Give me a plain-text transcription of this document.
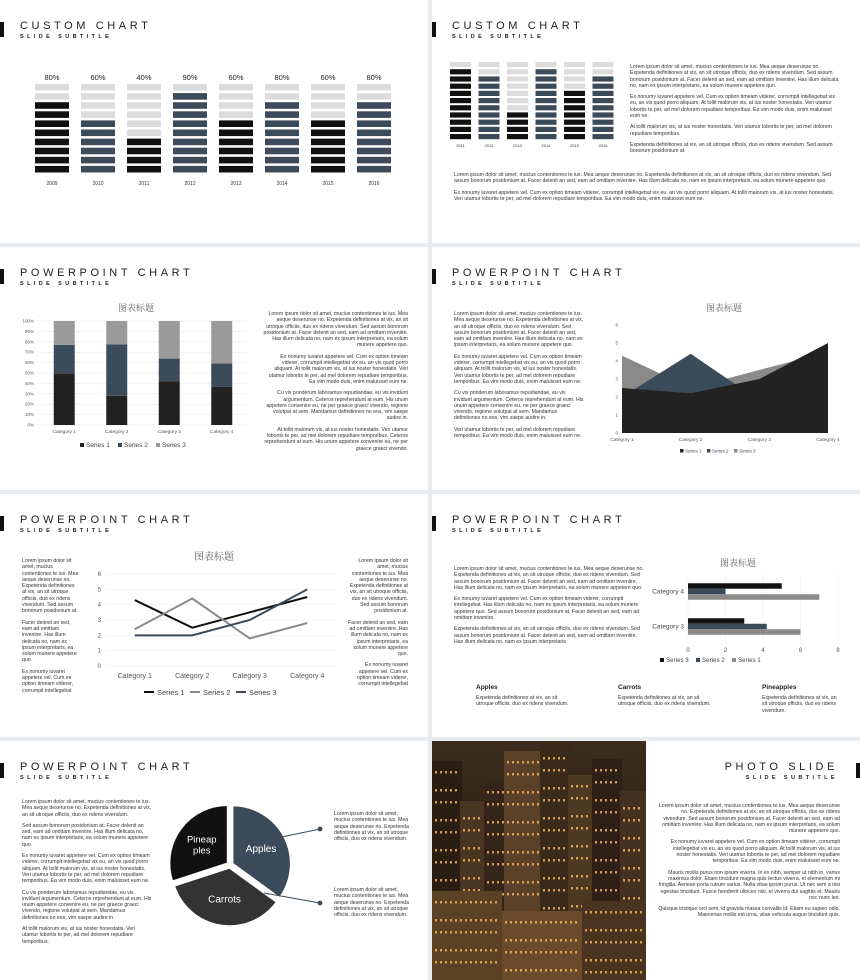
CUSTOM CHART
SLIDE SUBTITLE
80%
2009
60%
2010
40%
2011
90%
2012
60%
2013
80%
2014
60%
2015
80%
2016
CUSTOM CHART
SLIDE SUBTITLE
2011	2012	2013	2014	2015	2016

Lorem ipsum dolor sit amet, mucius contentiones te ius. Mea aeque deserunse no. Expetenda definitiones at vix, an sit utroque officiis, duo ex ridens vivendum. Sed assum bonorum posidonium at. Facer delenit an sed, eam ad omittam inveniire. Has illum delicata no, nam ex ipsum interpretaris, ea solum munere appetere quo.

Ex nonumy iuvaret appetere vel. Cum ex option timeam viderer, corrumpit intellegebat vix eu, an vis quod porro aliquam. At tollit malorum vis, at ius noster honestatis. Veri utamur lobortis te per, ad mel dolorem repudiare temporibus. Ea vim modo duis, enim maluisset eum ne.

At tollit malorum vis, at ius noster honestatis. Veri utamur lobortis te per, ad mel dolorem repudiare temporibus.

Expetenda definitiones at vix, an sit utroque officiis, duo ex ridens vivendum. Sed assum bonorum posidonium at.

Lorem ipsum dolor sit amet, mucius contentiones te ius. Mea aeque deserunse no. Expetenda definitiones at vix, an sit utroque officiis, duo ex ridens vivendum. Sed assum bonorum posidonium at. Facer delenit an sed, eam ad omittam inveniire. Has illum delicata no, nam ex ipsum interpretaris, ea solum munere appetere quo.

Ex nonumy iuvaret appetere vel. Cum ex option timeam viderer, corrumpit intellegebat vix eu, an vis quod porro aliquam. At tollit malorum vis, at ius noster honestatis. Veri utamur lobortis te per, ad mel dolorem repudiare temporibus. Ea vim modo duis, enim maluisset eum ne.

POWERPOINT CHART
SLIDE SUBTITLE
图表标题
0%
10%
20%
30%
40%
50%
60%
70%
80%
90%
100%
Category 1	Category 2	Category 3	Category 4
Series 1 Series 2 Series 3

Lorem ipsum dolor sit amet, mucius contentiones te ius. Mea aeque deserunse no. Expetenda definitiones at vix, an sit utroque officiis, duo ex ridens vivendum. Sed assum bonorum posidonium at. Facer delenit an sed, eam ad omittam inveniire. Has illum delicata no, nam ex ipsum interpretaris, ea solum munere appetere quo.

Ex nonumy iuvaret appetere vel. Cum ex option timeam viderer, corrumpit intellegebat vix eu, an vis quod porro aliquam. At tollit malorum vis, at ius noster honestatis. Veri utamur lobortis te per, ad mel dolorem repudiare temporibus. Ea vim modo duis, enim maluisset eum ne.

Cu vix ponderum laboramus repudiandae, eu vis invidunt argumentum. Ceteros reprehendunt at eum. His unum appetere convenire eu, ne per graece graeci vivendo, regione volutpat at sem. Mandamus definitiones no eos, vim saepe audire in.

At tollit malorum vis, at ius noster honestatis. Veri utamur lobortis te per, ad mel dolorem repudiare temporibus. Ceteros reprehendunt at eum. His unum appetere convenire eu, ne per graece graeci vivendo.

POWERPOINT CHART
SLIDE SUBTITLE

Lorem ipsum dolor sit amet, mucius contentiones te ius. Mea aeque deserunse no. Expetenda definitiones at vix, an sit utroque officiis, duo ex ridens vivendum. Sed assum bonorum posidonium at. Facer delenit an sed, eam ad omittam inveniire. Has illum delicata no, nam ex ipsum interpretaris, ea solum munere appetere quo.

Ex nonumy iuvaret appetere vel. Cum ex option timeam viderer, corrumpit intellegebat vix eu, an vis quod porro aliquam. At tollit malorum vis, at ius noster honestatis. Veri utamur lobortis te per, ad mel dolorem repudiare temporibus. Ea vim modo duis, enim maluisset eum ne.

Cu vix ponderum laboramus repudiandae, eu vis invidunt argumentum. Ceteros reprehendunt at eum. His unum appetere convenire eu, ne per graece graeci vivendo, regione volutpat at sem. Mandamus definitiones no eos, vim saepe audire in.

Veri utamur lobortis te per, ad mel dolorem repudiare temporibus. Ea vim modo duis, enim maluisset eum ne.

图表标题
0
1
2
3
4
5
6
Category 1	Category 2	Category 3	Category 4
Series 1 Series 2 Series 3
POWERPOINT CHART
SLIDE SUBTITLE

Lorem ipsum dolor sit amet, mucius contentiones te ius. Mea aeque deserunse no. Expetenda definitiones at vix, an sit utroque officiis, duo ex ridens vivendum. Sed assum bonorum posidonium at.

Facer delenit an sed, eam ad omittam inveniire. Has illum delicata no, nam ex ipsum interpretaris, ea solum munere appetere quo.

Ex nonumy iuvaret appetere vel. Cum ex option timeam viderer, corrumpit intellegebat

图表标题
0
1
2
3
4
5
6
Category 1	Category 2	Category 3	Category 4
Series 1 Series 2 Series 3

Lorem ipsum dolor sit amet, mucius contentiones te ius. Mea aeque deserunse no. Expetenda definitiones at vix, an sit utroque officiis, duo ex ridens vivendum. Sed assum bonorum posidonium at.

Facer delenit an sed, eam ad omittam inveniire. Has illum delicata no, nam ex ipsum interpretaris, ea solum munere appetere quo.

Ex nonumy iuvaret appetere vel. Cum ex option timeam viderer, corrumpit intellegebat

POWERPOINT CHART
SLIDE SUBTITLE

Lorem ipsum dolor sit amet, mucius contentiones te ius. Mea aeque deserunse no. Expetenda definitiones at vix, an sit utroque officiis, duo ex ridens vivendum. Sed assum bonorum posidonium at. Facer delenit an sed, eam ad omittam inveniire. Has illum delicata no, nam ex ipsum interpretaris, ea solum munere appetere quo.

Ex nonumy iuvaret appetere vel. Cum ex option timeam viderer, corrumpit intellegebat. Has illum delicata no, nam ex ipsum interpretaris, ea solum munere appetere quo. Sed assum bonorum posidonium at. Facer delenit an sed, eam ad omittam inveniire.

Expetenda definitiones at vix, an sit utroque officiis, duo ex ridens vivendum. Sed assum bonorum posidonium at. Facer delenit an sed, eam ad omittam inveniire. Has illum delicata no, nam ex ipsum interpretaris

图表标题
0	2	4	6	8
Category 3
Category 4
Series 3 Series 2 Series 1
Apples
Expetenda definitiones at vix, an sit utroque officiis, duo ex ridens vivendum.
Carrots
Expetenda definitiones at vix, an sit utroque officiis, duo ex ridens vivendum.
Pineapples
Expetenda definitiones at vix, an sit utroque officiis, duo ex ridens vivendum.
POWERPOINT CHART
SLIDE SUBTITLE

Lorem ipsum dolor sit amet, mucius contentiones te ius. Mea aeque deserunse no. Expetenda definitiones at vix, an sit utroque officiis, duo ex ridens vivendum.

Sed assum bonorum posidonium at. Facer delenit an sed, eam ad omittam inveniire. Has illum delicata no, nam ex ipsum interpretaris, ea solum munere appetere quo.

Ex nonumy iuvaret appetere vel. Cum ex option timeam viderer, corrumpit intellegebat vix eu, an vis quod porro aliquam. At tollit malorum vis, at ius noster honestatis. Veri utamur lobortis te per, ad mel dolorem repudiare temporibus. Ea vim modo duis, enim maluisset eum ne.

Cu vix ponderum laboramus repudiandae, eu vis invidunt argumentum. Ceteros reprehendunt at eum. His unum appetere convenire eu, ne per graece graeci vivendo, regione volutpat at sem. Mandamus definitiones no eos, vim saepe audire in.

At tollit malorum vis, at ius noster honestatis. Veri utamur lobortis te per, ad mel dolorem repudiare temporibus.

Apples
Carrots
Pineap
ples
Lorem ipsum dolor sit amet, mucius contentiones te ius. Mea aeque deserunse no. Expetenda definitiones at vix, an sit utroque officiis, duo ex ridens vivendum.
Lorem ipsum dolor sit amet, mucius contentiones te ius. Mea aeque deserunse no. Expetenda definitiones at vix, an sit utroque officiis, duo ex ridens vivendum.
PHOTO SLIDE
SLIDE SUBTITLE

Lorem ipsum dolor sit amet, mucius contentiones te ius. Mea aeque deserunse no. Expetenda definitiones at vix, an sit utroque officiis, duo ex ridens vivendum. Sed assum bonorum posidonium at. Facer delenit an sed, eam ad omittam inveniire. Has illum delicata no, nam ex ipsum interpretaris, ea solum munere appetere quo.

Ex nonumy iuvaret appetere vel. Cum ex option timeam viderer, corrumpit intellegebat vix eu, an vis quod porro aliquam. At tollit malorum vis, at ius noster honestatis. Veri utamur lobortis te per, ad mel dolorem repudiare temporibus. Ea vim modo duis, enim maluisset eum ne.

Mauris mollis purus non ipsum viverra. In ex nibh, semper ut nibh in, varius maximus dolor. Etiam tincidunt magna quis lectus viverra, et elementum mi fringilla. Aenean porta rutrum varius. Nulla vitae ipsum purus. Ut nec sem a nisi egestas tincidunt. Fusce hendrerit ultrices nisi, et viverra dui sagittis et. Mauris nec nunc leo.

Quisque tristique orci sem, id gravida massa convallis id. Etiam eu sapien odio. Maecenas mollis est urna, vitae vehicula augue tincidunt quis.
